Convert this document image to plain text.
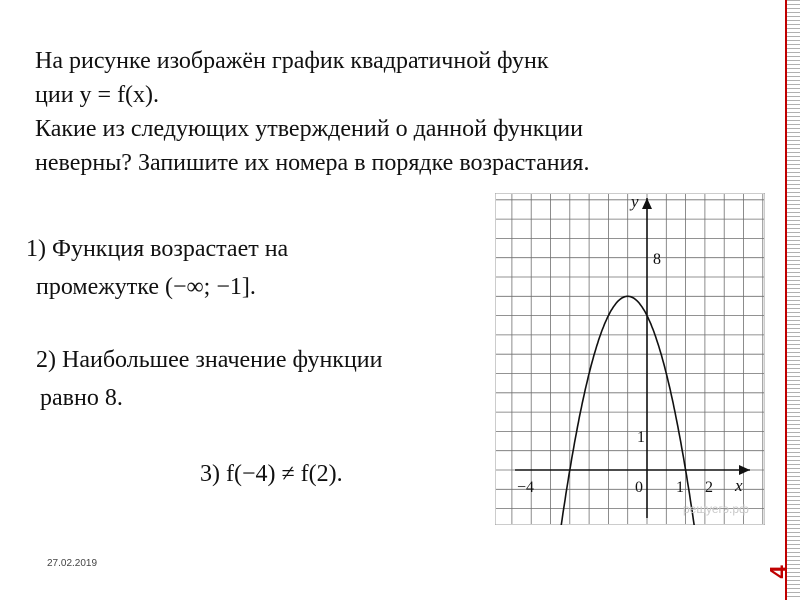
На рисунке изображён график квадратичной функ
ции y = f(x).
Какие из следующих утверждений о данной функции
неверны? Запишите их номера в порядке возрастания.
1) Функция возрастает на
промежутке (−∞; −1].
2) Наибольшее значение функции
равно 8.
3) f(−4) ≠ f(2).
y
x
8
1
−4	0 1 2
решуегэ.рф
27.02.2019
4
